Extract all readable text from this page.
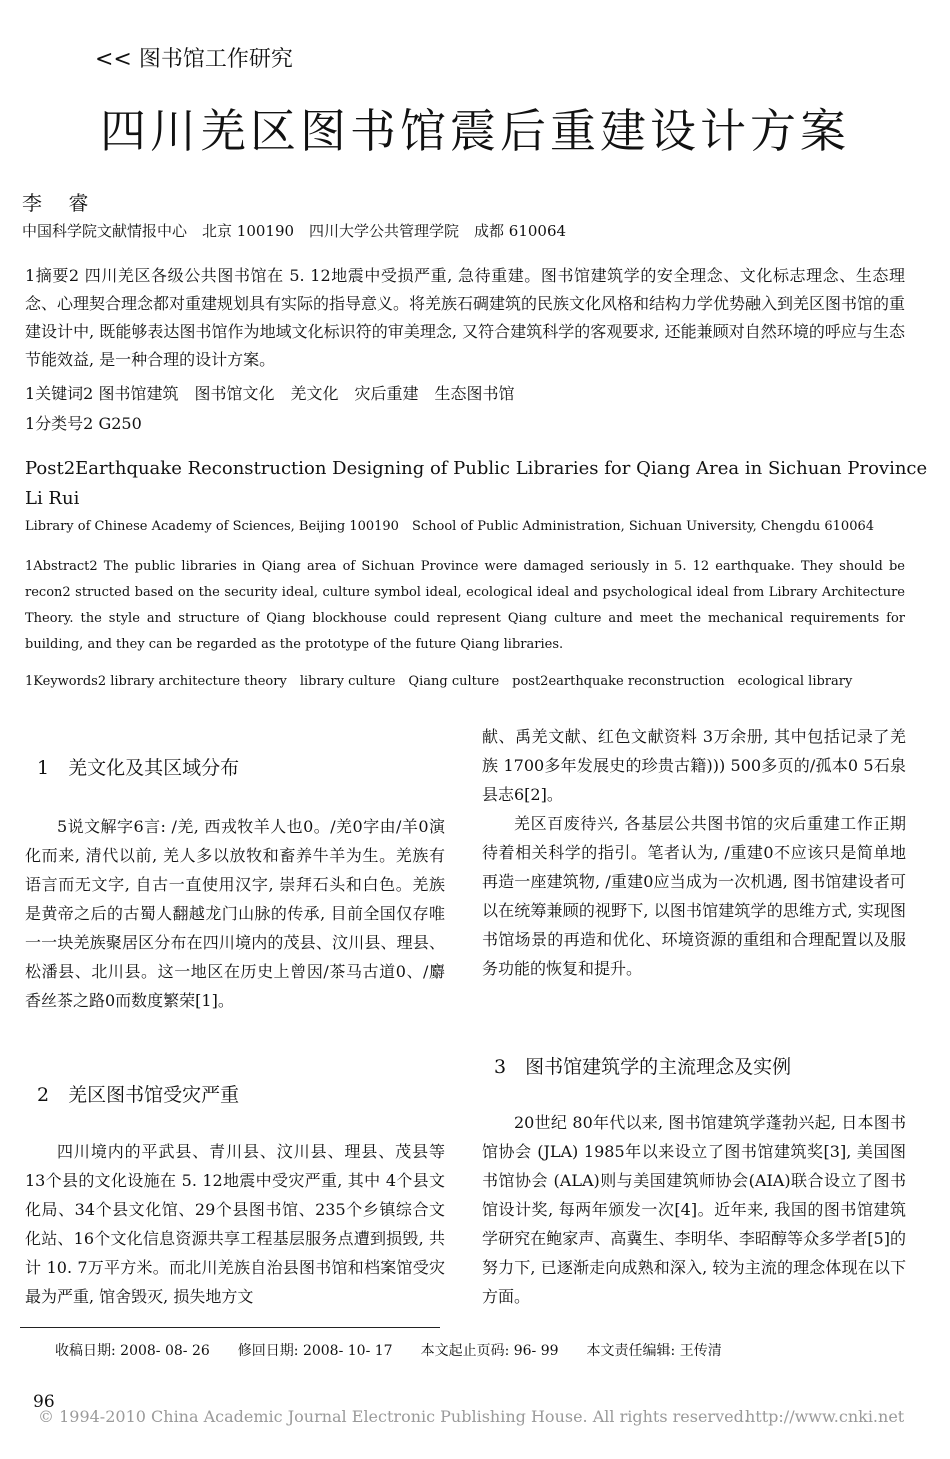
<< 图书馆工作研究
四川羌区图书馆震后重建设计方案
李 睿
中国科学院文献情报中心　北京 100190　四川大学公共管理学院　成都 610064

1摘要2 四川羌区各级公共图书馆在 5. 12地震中受损严重, 急待重建。图书馆建筑学的安全理念、文化标志理念、生态理念、心理契合理念都对重建规划具有实际的指导意义。将羌族石碉建筑的民族文化风格和结构力学优势融入到羌区图书馆的重建设计中, 既能够表达图书馆作为地域文化标识符的审美理念, 又符合建筑科学的客观要求, 还能兼顾对自然环境的呼应与生态节能效益, 是一种合理的设计方案。

1关键词2 图书馆建筑　图书馆文化　羌文化　灾后重建　生态图书馆
1分类号2 G250
Post2Earthquake Reconstruction Designing of Public Libraries for Qiang Area in Sichuan Province
Li Rui
Library of Chinese Academy of Sciences, Beijing 100190　School of Public Administration, Sichuan University, Chengdu 610064

1Abstract2 The public libraries in Qiang area of Sichuan Province were damaged seriously in 5. 12 earthquake. They should be recon2 structed based on the security ideal, culture symbol ideal, ecological ideal and psychological ideal from Library Architecture Theory. the style and structure of Qiang blockhouse could represent Qiang culture and meet the mechanical requirements for building, and they can be regarded as the prototype of the future Qiang libraries.

1Keywords2 library architecture theory　library culture　Qiang culture　post2earthquake reconstruction　ecological library
1　羌文化及其区域分布

5说文解字6言: /羌, 西戎牧羊人也0。/羌0字由/羊0演化而来, 清代以前, 羌人多以放牧和畜养牛羊为生。羌族有语言而无文字, 自古一直使用汉字, 崇拜石头和白色。羌族是黄帝之后的古蜀人翻越龙门山脉的传承, 目前全国仅存唯一一块羌族聚居区分布在四川境内的茂县、汶川县、理县、松潘县、北川县。这一地区在历史上曾因/茶马古道0、/麝香丝茶之路0而数度繁荣[1]。

2　羌区图书馆受灾严重

四川境内的平武县、青川县、汶川县、理县、茂县等13个县的文化设施在 5. 12地震中受灾严重, 其中 4个县文化局、34个县文化馆、29个县图书馆、235个乡镇综合文化站、16个文化信息资源共享工程基层服务点遭到损毁, 共计 10. 7万平方米。而北川羌族自治县图书馆和档案馆受灾最为严重, 馆舍毁灭, 损失地方文

献、禹羌文献、红色文献资料 3万余册, 其中包括记录了羌族 1700多年发展史的珍贵古籍))) 500多页的/孤本0 5石泉县志6[2]。

羌区百废待兴, 各基层公共图书馆的灾后重建工作正期待着相关科学的指引。笔者认为, /重建0不应该只是简单地再造一座建筑物, /重建0应当成为一次机遇, 图书馆建设者可以在统筹兼顾的视野下, 以图书馆建筑学的思维方式, 实现图书馆场景的再造和优化、环境资源的重组和合理配置以及服务功能的恢复和提升。

3　图书馆建筑学的主流理念及实例

20世纪 80年代以来, 图书馆建筑学蓬勃兴起, 日本图书馆协会 (JLA) 1985年以来设立了图书馆建筑奖[3], 美国图书馆协会 (ALA)则与美国建筑师协会(AIA)联合设立了图书馆设计奖, 每两年颁发一次[4]。近年来, 我国的图书馆建筑学研究在鲍家声、高冀生、李明华、李昭醇等众多学者[5]的努力下, 已逐渐走向成熟和深入, 较为主流的理念体现在以下方面。

收稿日期: 2008- 08- 26　　修回日期: 2008- 10- 17　　本文起止页码: 96- 99　　本文责任编辑: 王传清
96
© 1994-2010 China Academic Journal Electronic Publishing House. All rights reserved.
http://www.cnki.net
